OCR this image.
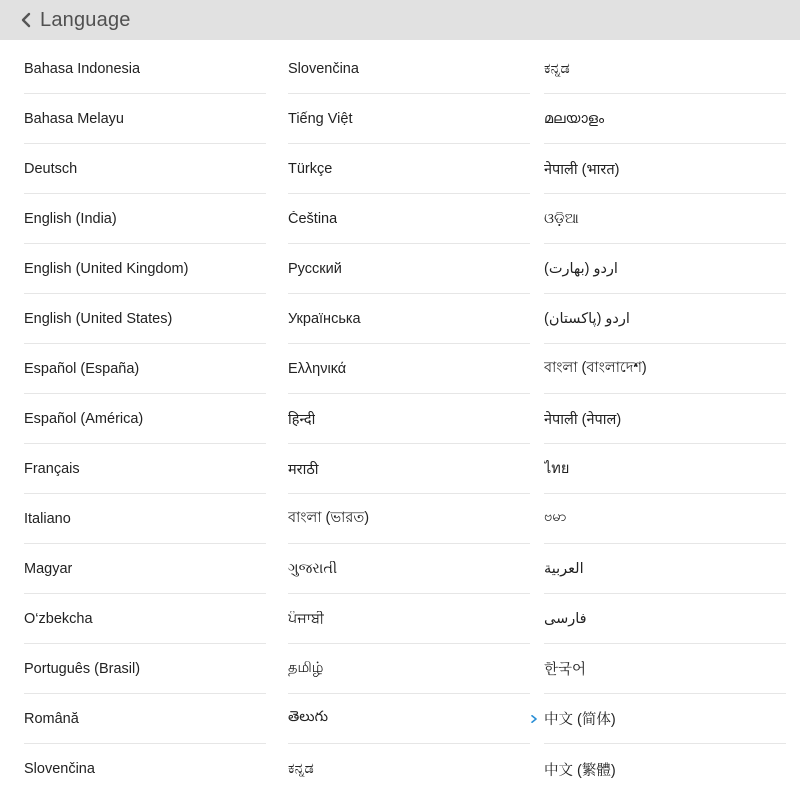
Language
Bahasa Indonesia
Bahasa Melayu
Deutsch
English (India)
English (United Kingdom)
English (United States)
Español (España)
Español (América)
Français
Italiano
Magyar
O‘zbekcha
Português (Brasil)
Română
Slovenčina
Slovenčina
Tiếng Việt
Türkçe
Čeština
Русский
Українська
Ελληνικά
हिन्दी
मराठी
বাংলা (ভারত)
ગુજરાતી
ਪੰਜਾਬੀ
தமிழ்
తెలుగు
ಕನ್ನಡ
ಕನ್ನಡ
മലയാളം
नेपाली (भारत)
ଓଡ଼ିଆ
اردو (بھارت)
اردو (پاکستان)
বাংলা (বাংলাদেশ)
नेपाली (नेपाल)
ไทย
ဗမာ
العربية
فارسی
한국어
中文 (简体)
中文 (繁體)
